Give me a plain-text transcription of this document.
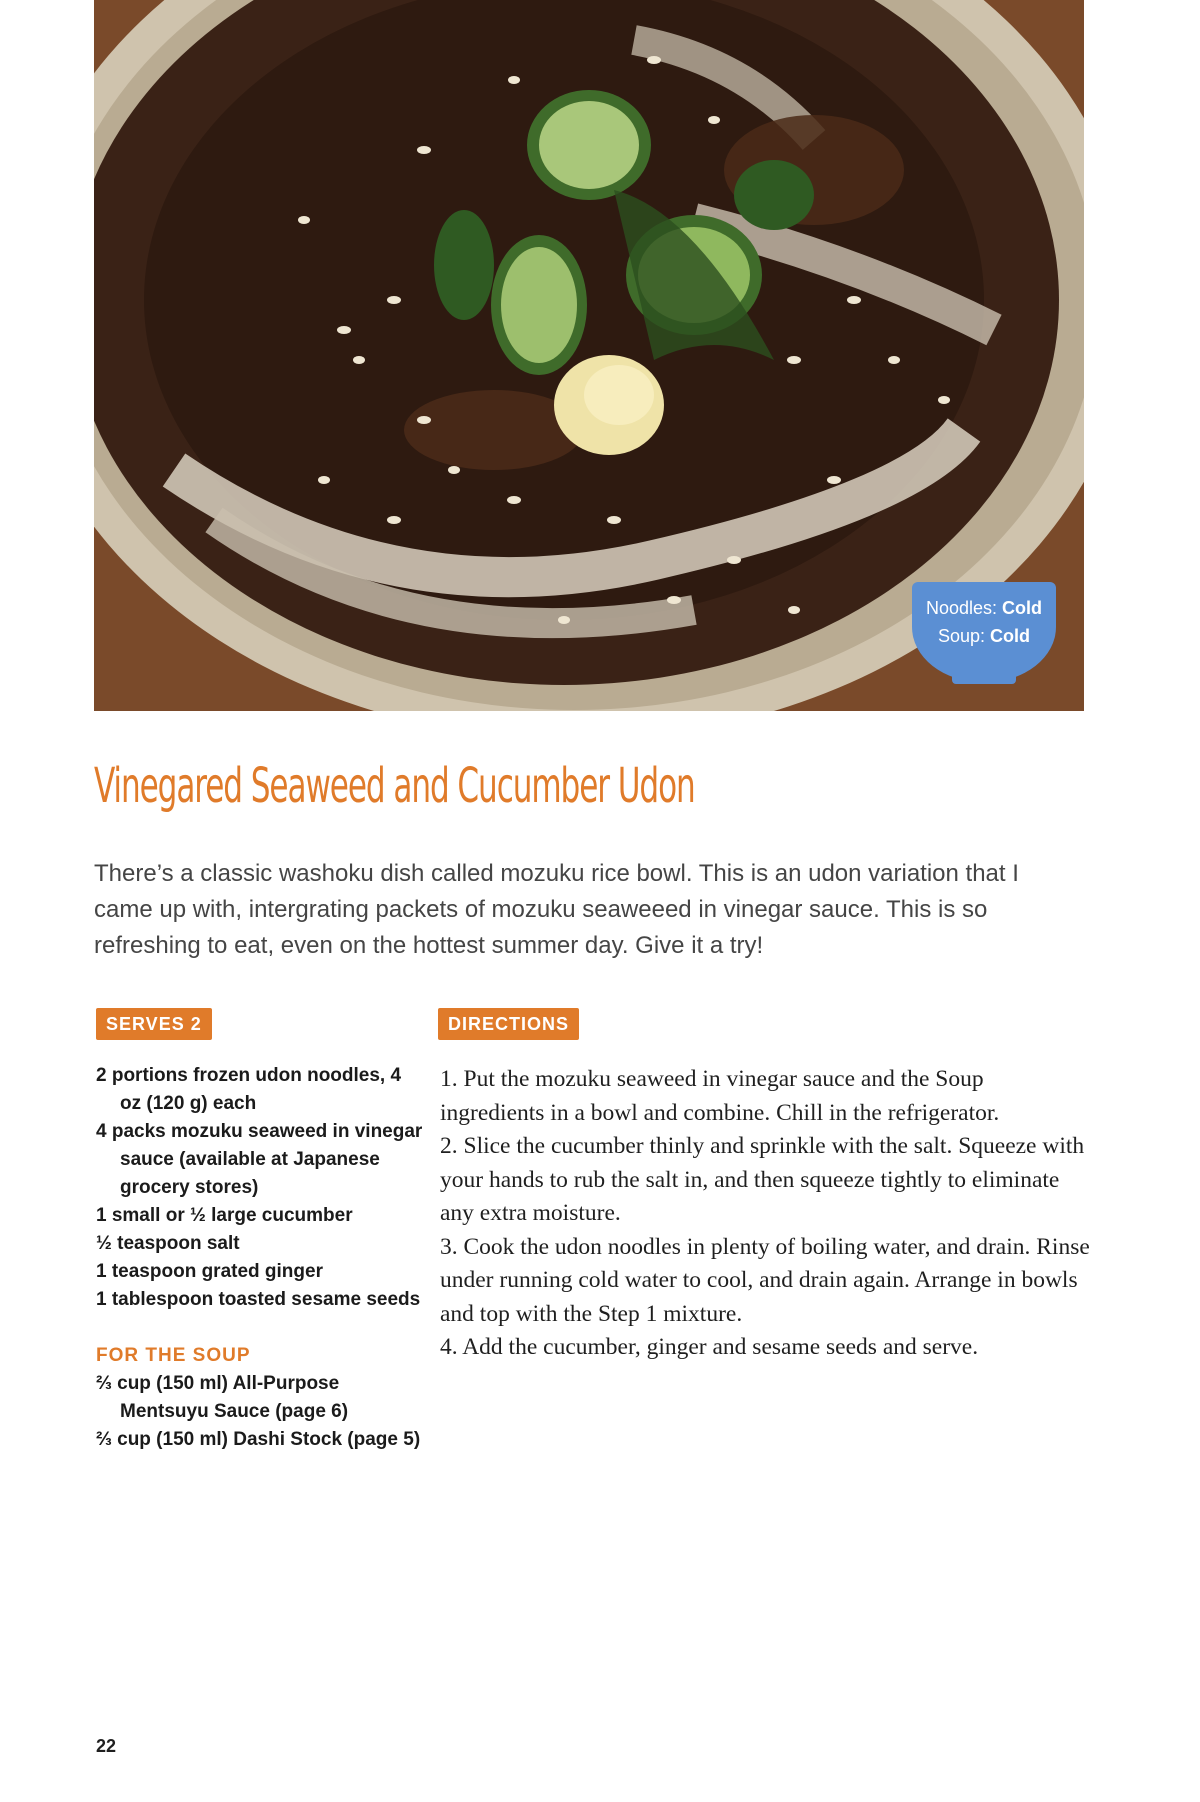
Noodles: Cold
Soup: Cold
Vinegared Seaweed and Cucumber Udon
There’s a classic washoku dish called mozuku rice bowl. This is an udon variation that I came up with, intergrating packets of mozuku seaweeed in vinegar sauce. This is so refreshing to eat, even on the hottest summer day. Give it a try!
SERVES 2	DIRECTIONS
2 portions frozen udon noodles, 4 oz (120 g) each
4 packs mozuku seaweed in vinegar sauce (available at Japanese grocery stores)
1 small or ½ large cucumber
½ teaspoon salt
1 teaspoon grated ginger
1 tablespoon toasted sesame seeds
FOR THE SOUP
⅔ cup (150 ml) All-Purpose Mentsuyu Sauce (page 6)
⅔ cup (150 ml) Dashi Stock (page 5)
1. Put the mozuku seaweed in vinegar sauce and the Soup ingredients in a bowl and combine. Chill in the refrigerator.
2. Slice the cucumber thinly and sprinkle with the salt. Squeeze with your hands to rub the salt in, and then squeeze tightly to eliminate any extra moisture.
3. Cook the udon noodles in plenty of boiling water, and drain. Rinse under running cold water to cool, and drain again. Arrange in bowls and top with the Step 1 mixture.
4. Add the cucumber, ginger and sesame seeds and serve.
22
